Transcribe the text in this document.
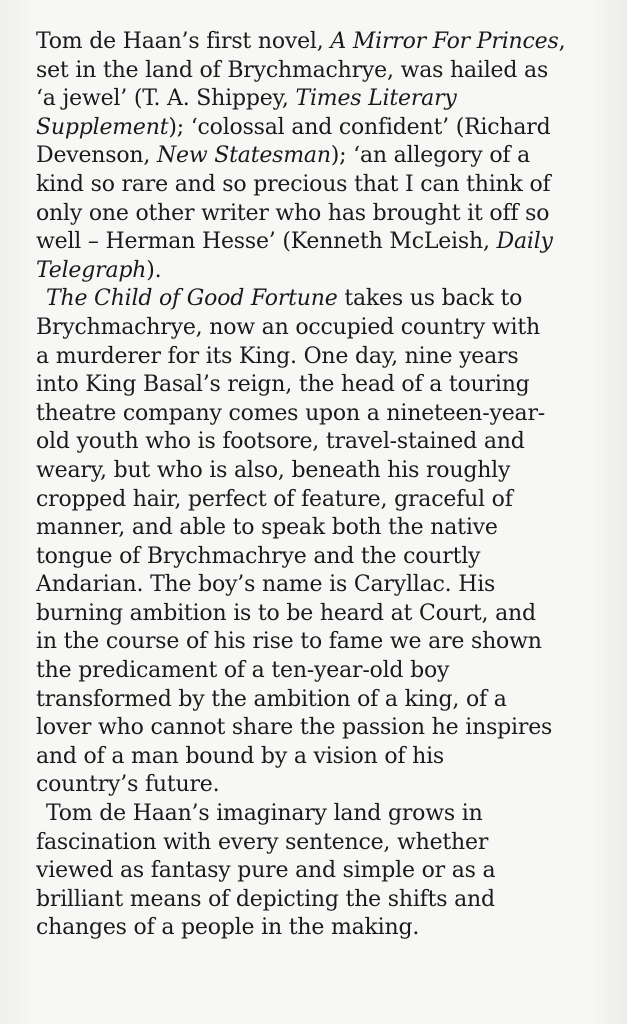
Tom de Haan’s first novel, A Mirror For Princes,
set in the land of Brychmachrye, was hailed as
‘a jewel’ (T. A. Shippey, Times Literary
Supplement); ‘colossal and confident’ (Richard
Devenson, New Statesman); ‘an allegory of a
kind so rare and so precious that I can think of
only one other writer who has brought it off so
well – Herman Hesse’ (Kenneth McLeish, Daily
Telegraph).
The Child of Good Fortune takes us back to
Brychmachrye, now an occupied country with
a murderer for its King. One day, nine years
into King Basal’s reign, the head of a touring
theatre company comes upon a nineteen-year-
old youth who is footsore, travel-stained and
weary, but who is also, beneath his roughly
cropped hair, perfect of feature, graceful of
manner, and able to speak both the native
tongue of Brychmachrye and the courtly
Andarian. The boy’s name is Caryllac. His
burning ambition is to be heard at Court, and
in the course of his rise to fame we are shown
the predicament of a ten-year-old boy
transformed by the ambition of a king, of a
lover who cannot share the passion he inspires
and of a man bound by a vision of his
country’s future.
Tom de Haan’s imaginary land grows in
fascination with every sentence, whether
viewed as fantasy pure and simple or as a
brilliant means of depicting the shifts and
changes of a people in the making.
